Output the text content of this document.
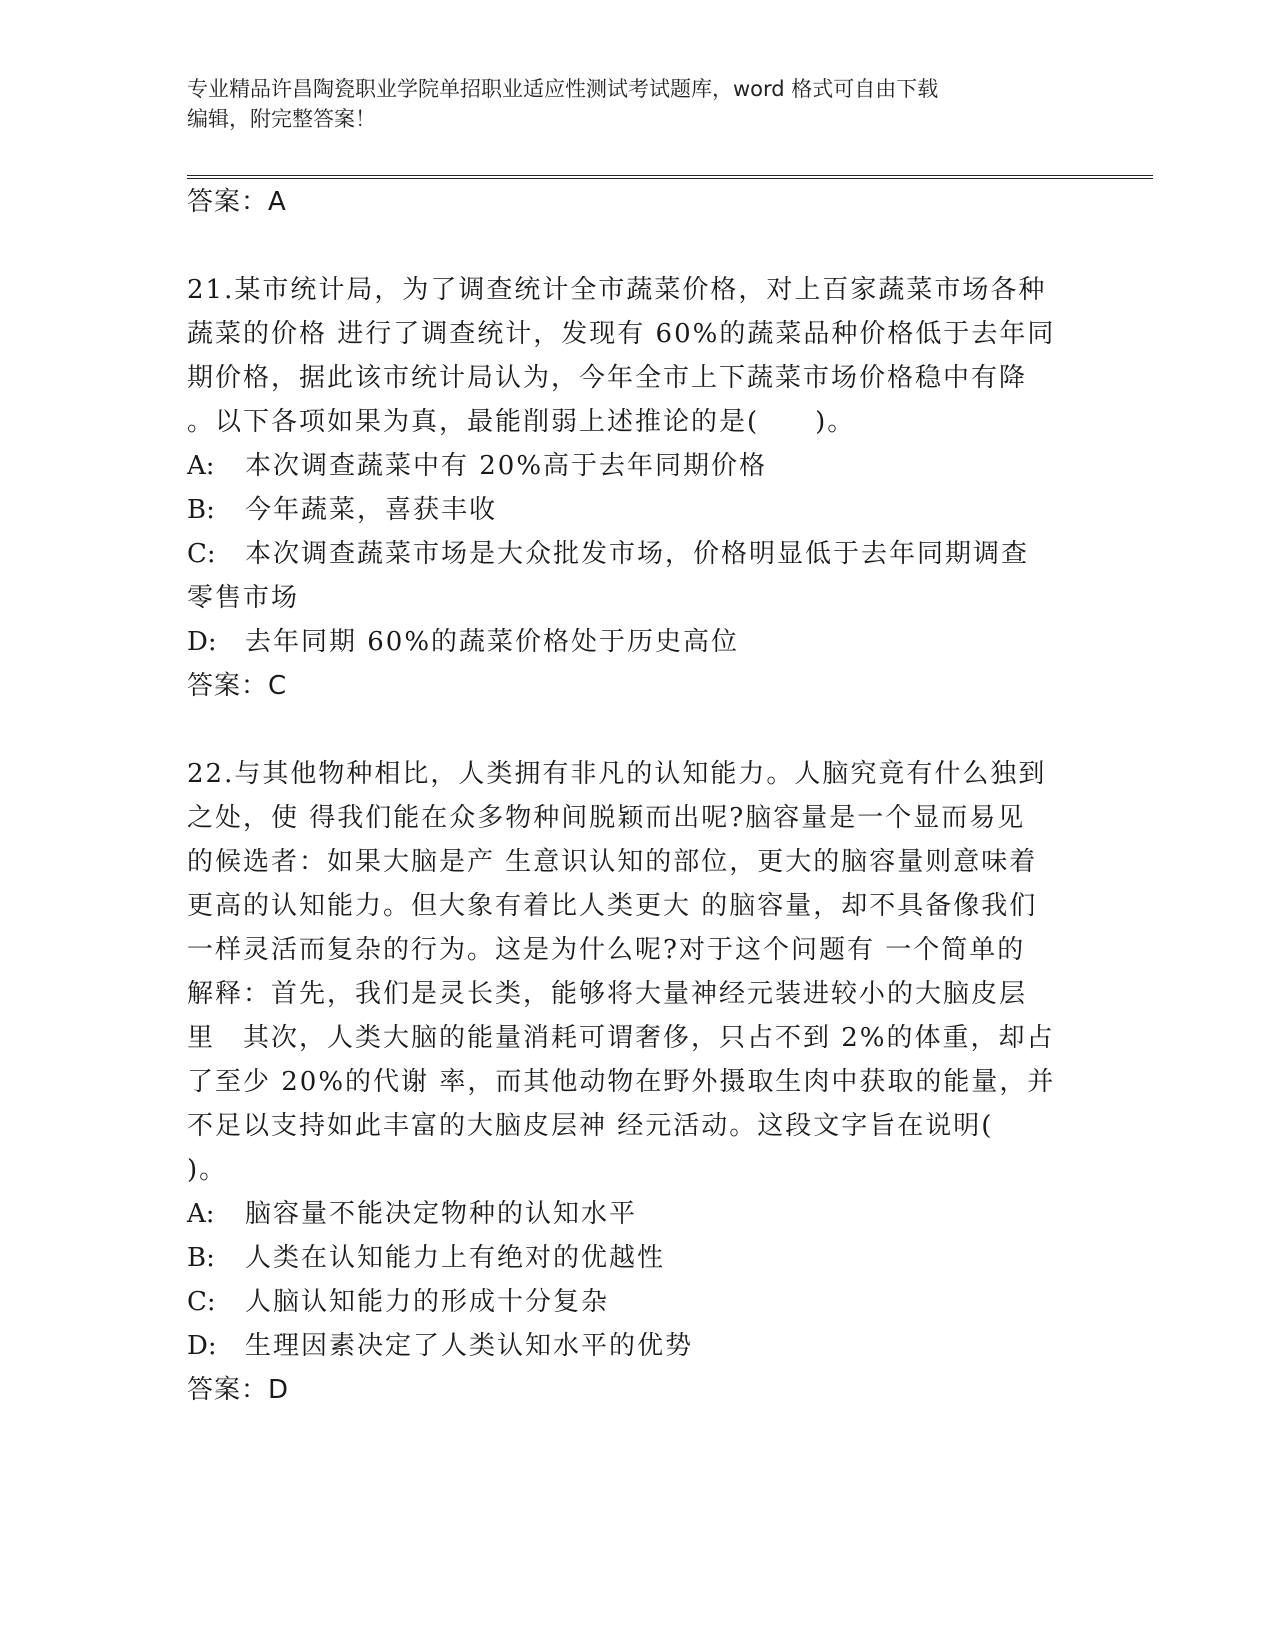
专业精品许昌陶瓷职业学院单招职业适应性测试考试题库，word 格式可自由下载
编辑，附完整答案！
答案：A
21.某市统计局，为了调查统计全市蔬菜价格，对上百家蔬菜市场各种
蔬菜的价格 进行了调查统计，发现有 60%的蔬菜品种价格低于去年同
期价格，据此该市统计局认为，今年全市上下蔬菜市场价格稳中有降
。以下各项如果为真，最能削弱上述推论的是(　　)。
A: 本次调查蔬菜中有 20%高于去年同期价格
B: 今年蔬菜，喜获丰收
C: 本次调查蔬菜市场是大众批发市场，价格明显低于去年同期调查
零售市场
D: 去年同期 60%的蔬菜价格处于历史高位
答案：C
22.与其他物种相比，人类拥有非凡的认知能力。人脑究竟有什么独到
之处，使 得我们能在众多物种间脱颖而出呢?脑容量是一个显而易见
的候选者：如果大脑是产 生意识认知的部位，更大的脑容量则意味着
更高的认知能力。但大象有着比人类更大 的脑容量，却不具备像我们
一样灵活而复杂的行为。这是为什么呢?对于这个问题有 一个简单的
解释：首先，我们是灵长类，能够将大量神经元装进较小的大脑皮层
里　其次，人类大脑的能量消耗可谓奢侈，只占不到 2%的体重，却占
了至少 20%的代谢 率，而其他动物在野外摄取生肉中获取的能量，并
不足以支持如此丰富的大脑皮层神 经元活动。这段文字旨在说明(
)。
A: 脑容量不能决定物种的认知水平
B: 人类在认知能力上有绝对的优越性
C: 人脑认知能力的形成十分复杂
D: 生理因素决定了人类认知水平的优势
答案：D
